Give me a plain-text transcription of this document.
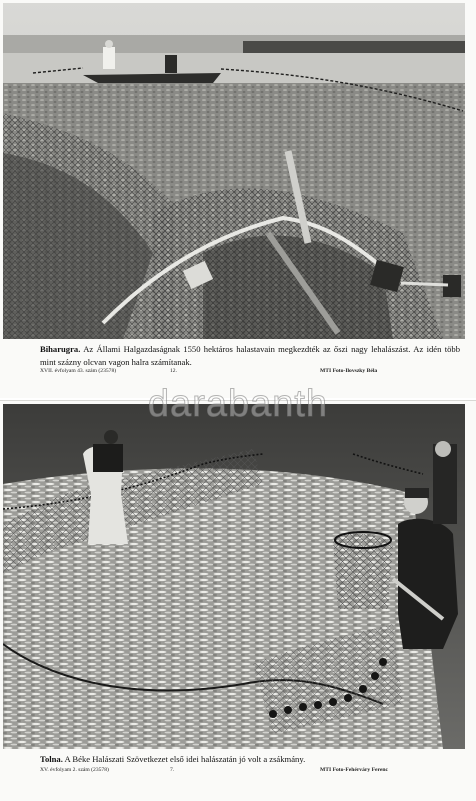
Biharugra. Az Állami Halgazdaságnak 1550 hektáros halastavain megkezdték az őszi nagy lehalászást. Az idén több mint százny olcvan vagon halra számítanak.
XVII. évfolyam 43. szám (23578)	12.	MTI Foto-Ilovszky Béla
Tolna. A Béke Halászati Szövetkezet első idei halászatán jó volt a zsákmány.
XV. évfolyam 2. szám (23578)	7.	MTI Foto-Fehérváry Ferenc
darabanth
